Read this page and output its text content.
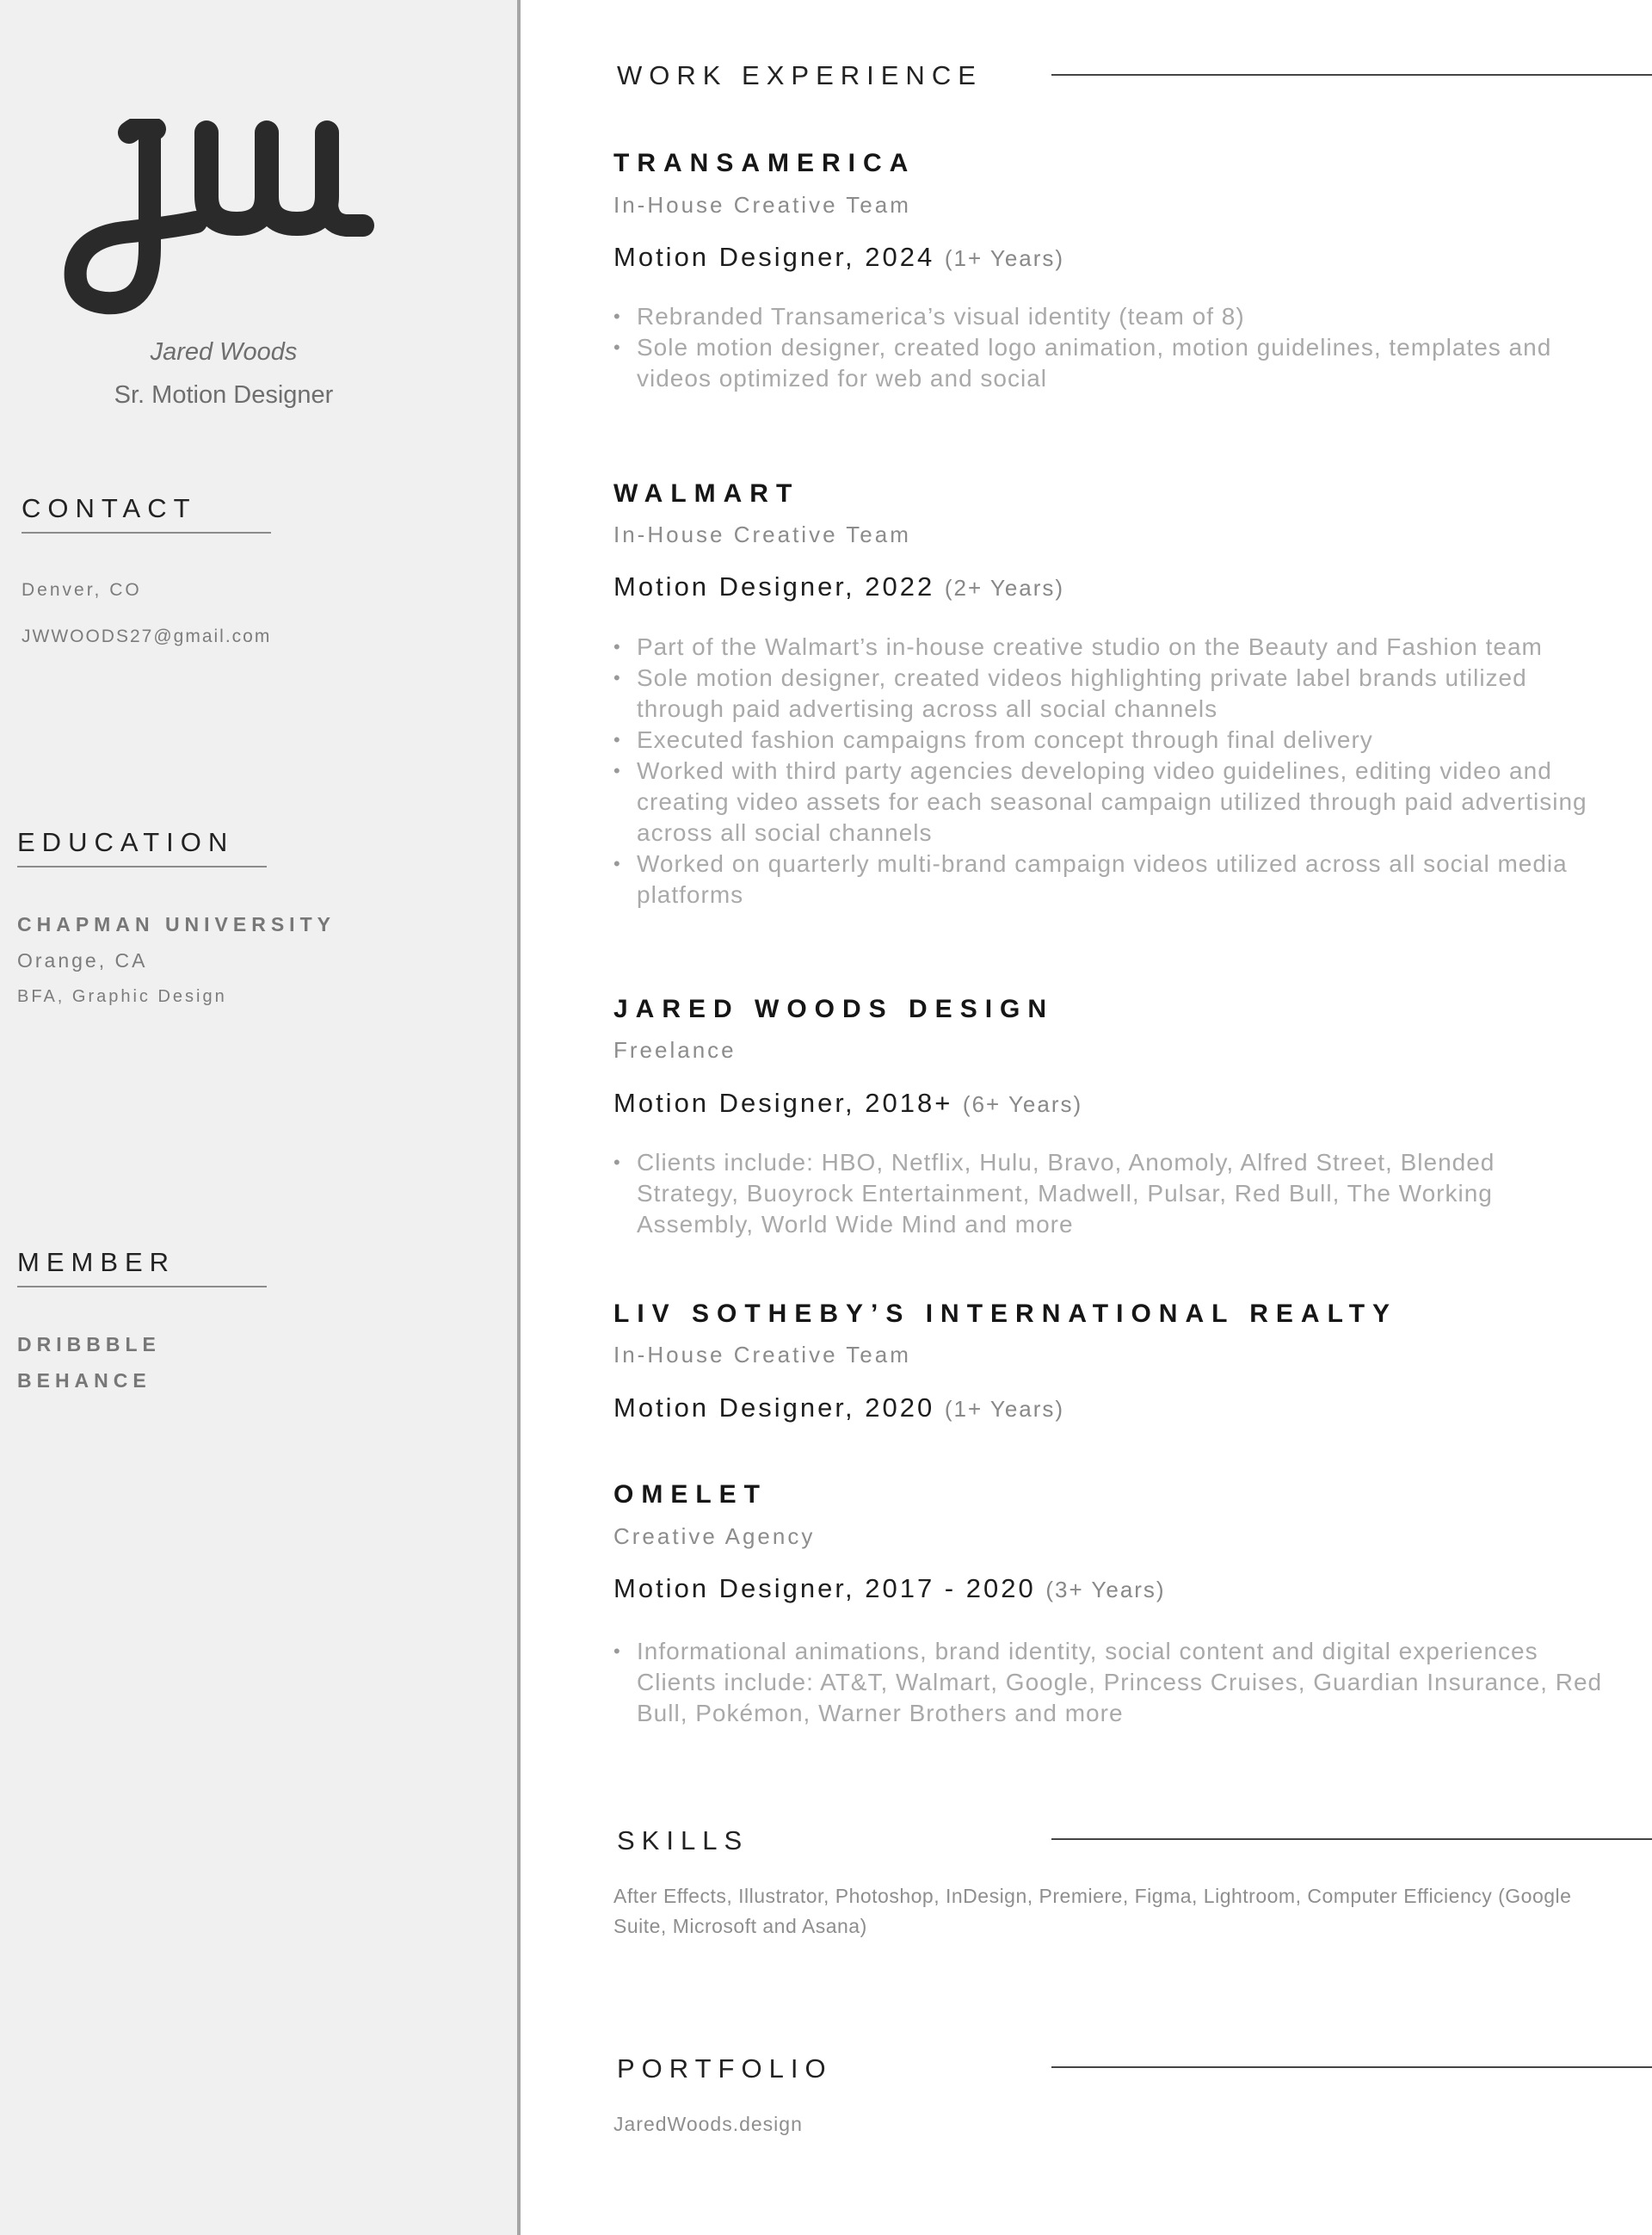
Jared Woods
Sr. Motion Designer
CONTACT
Denver, CO
JWWOODS27@gmail.com
EDUCATION
CHAPMAN UNIVERSITY
Orange, CA
BFA, Graphic Design
MEMBER
DRIBBBLE
BEHANCE
WORK EXPERIENCE
TRANSAMERICA
In-House Creative Team
Motion Designer, 2024 (1+ Years)
• Rebranded Transamerica’s visual identity (team of 8)
• Sole motion designer, created logo animation, motion guidelines, templates and videos optimized for web and social
WALMART
In-House Creative Team
Motion Designer, 2022 (2+ Years)
• Part of the Walmart’s in-house creative studio on the Beauty and Fashion team
• Sole motion designer, created videos highlighting private label brands utilized through paid advertising across all social channels
• Executed fashion campaigns from concept through final delivery
• Worked with third party agencies developing video guidelines, editing video and creating video assets for each seasonal campaign utilized through paid advertising across all social channels
• Worked on quarterly multi-brand campaign videos utilized across all social media platforms
JARED WOODS DESIGN
Freelance
Motion Designer, 2018+ (6+ Years)
• Clients include: HBO, Netflix, Hulu, Bravo, Anomoly, Alfred Street, Blended Strategy, Buoyrock Entertainment, Madwell, Pulsar, Red Bull, The Working Assembly, World Wide Mind and more
LIV SOTHEBY’S INTERNATIONAL REALTY
In-House Creative Team
Motion Designer, 2020 (1+ Years)
OMELET
Creative Agency
Motion Designer, 2017 - 2020 (3+ Years)
• Informational animations, brand identity, social content and digital experiences Clients include: AT&T, Walmart, Google, Princess Cruises, Guardian Insurance, Red Bull, Pokémon, Warner Brothers and more
SKILLS
After Effects, Illustrator, Photoshop, InDesign, Premiere, Figma, Lightroom, Computer Efficiency (Google Suite, Microsoft and Asana)
PORTFOLIO
JaredWoods.design
